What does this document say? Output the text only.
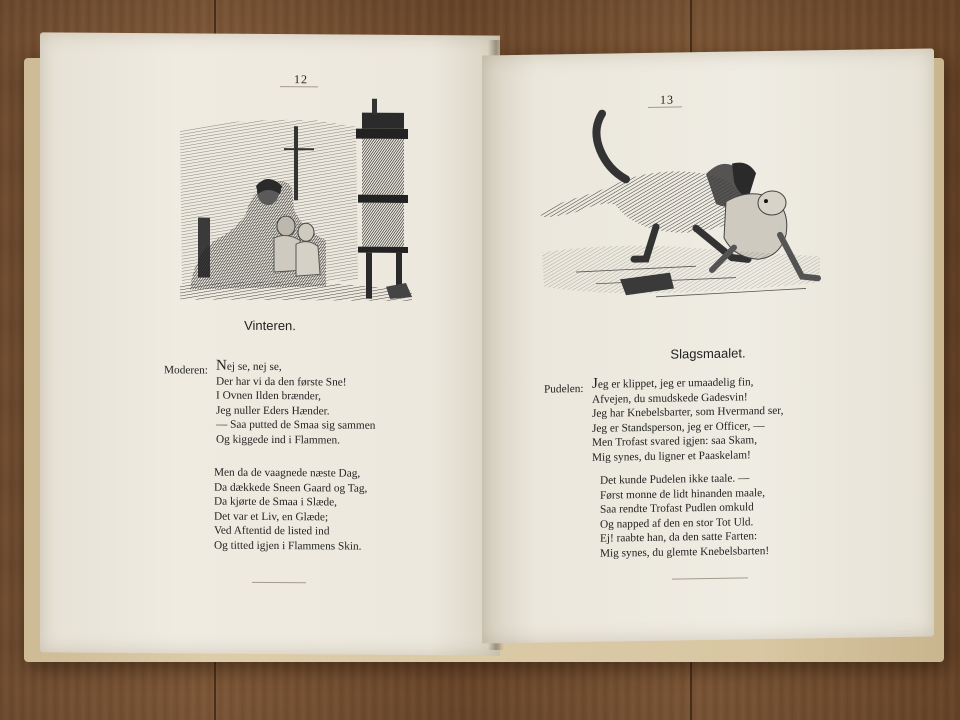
12
Vinteren.
Moderen: Nej se, nej se,
Der har vi da den første Sne!
I Ovnen Ilden brænder,
Jeg nuller Eders Hænder.
— Saa putted de Smaa sig sammen
Og kiggede ind i Flammen.
Men da de vaagnede næste Dag,
Da dækkede Sneen Gaard og Tag,
Da kjørte de Smaa i Slæde,
Det var et Liv, en Glæde;
Ved Aftentid de listed ind
Og titted igjen i Flammens Skin.
13
Slagsmaalet.
Pudelen: Jeg er klippet, jeg er umaadelig fin,
Afvejen, du smudskede Gadesvin!
Jeg har Knebelsbarter, som Hvermand ser,
Jeg er Standsperson, jeg er Officer, —
Men Trofast svared igjen: saa Skam,
Mig synes, du ligner et Paaskelam!
Det kunde Pudelen ikke taale. —
Først monne de lidt hinanden maale,
Saa rendte Trofast Pudlen omkuld
Og napped af den en stor Tot Uld.
Ej! raabte han, da den satte Farten:
Mig synes, du glemte Knebelsbarten!
